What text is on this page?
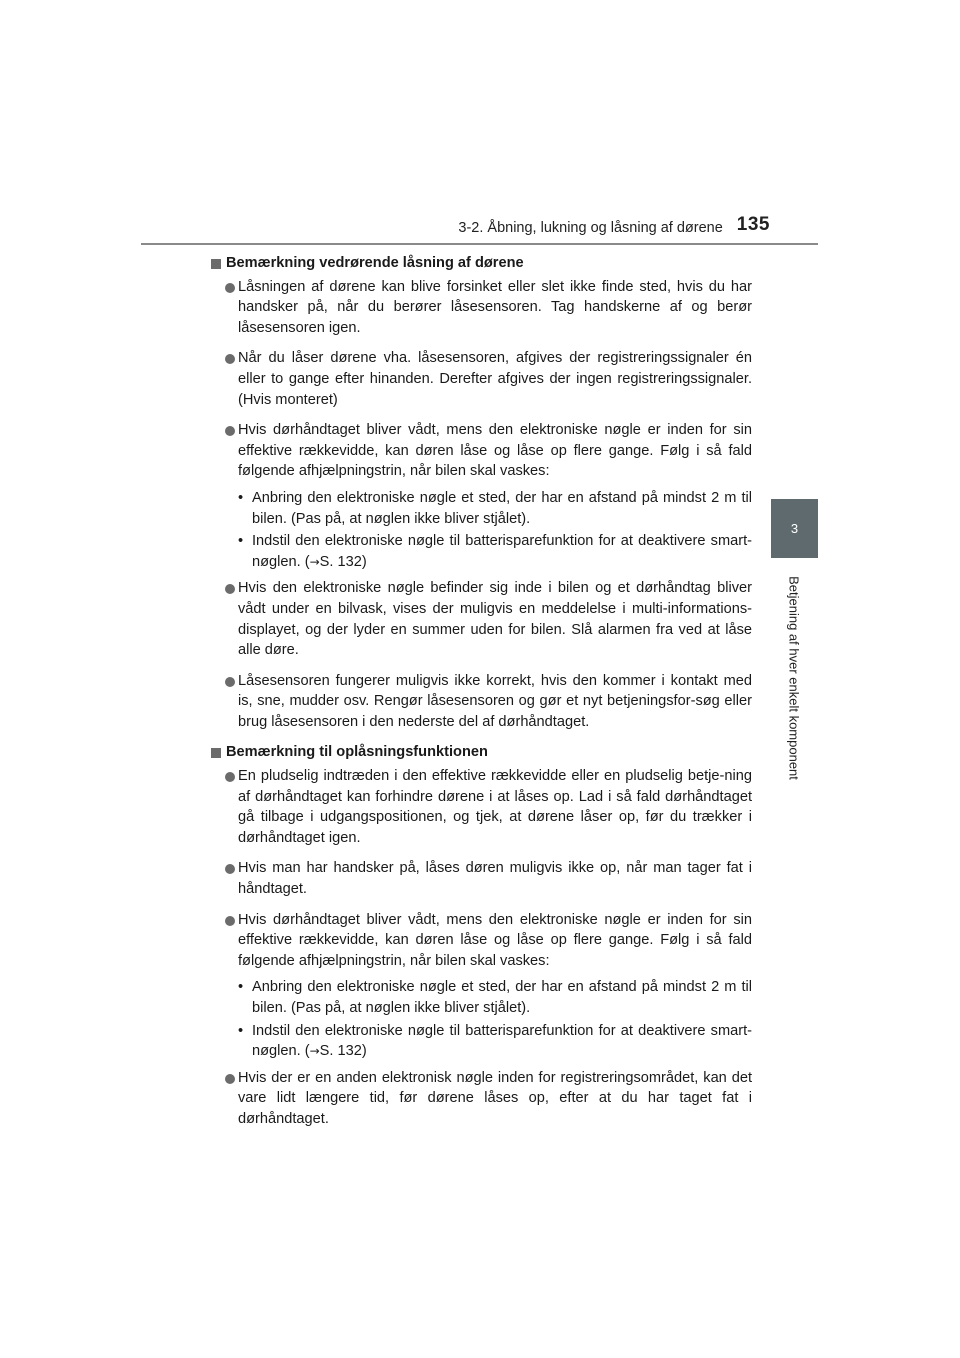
3-2. Åbning, lukning og låsning af dørene 135
3
Betjening af hver enkelt komponent
Bemærkning vedrørende låsning af dørene
Låsningen af dørene kan blive forsinket eller slet ikke finde sted, hvis du har handsker på, når du berører låsesensoren. Tag handskerne af og berør låsesensoren igen.
Når du låser dørene vha. låsesensoren, afgives der registreringssignaler én eller to gange efter hinanden. Derefter afgives der ingen registreringssignaler. (Hvis monteret)
Hvis dørhåndtaget bliver vådt, mens den elektroniske nøgle er inden for sin effektive rækkevidde, kan døren låse og låse op flere gange. Følg i så fald følgende afhjælpningstrin, når bilen skal vaskes:
• Anbring den elektroniske nøgle et sted, der har en afstand på mindst 2 m til bilen. (Pas på, at nøglen ikke bliver stjålet).
• Indstil den elektroniske nøgle til batterisparefunktion for at deaktivere smart-nøglen. (→S. 132)
Hvis den elektroniske nøgle befinder sig inde i bilen og et dørhåndtag bliver vådt under en bilvask, vises der muligvis en meddelelse i multi-informations-displayet, og der lyder en summer uden for bilen. Slå alarmen fra ved at låse alle døre.
Låsesensoren fungerer muligvis ikke korrekt, hvis den kommer i kontakt med is, sne, mudder osv. Rengør låsesensoren og gør et nyt betjeningsfor-søg eller brug låsesensoren i den nederste del af dørhåndtaget.
Bemærkning til oplåsningsfunktionen
En pludselig indtræden i den effektive rækkevidde eller en pludselig betje-ning af dørhåndtaget kan forhindre dørene i at låses op. Lad i så fald dørhåndtaget gå tilbage i udgangspositionen, og tjek, at dørene låser op, før du trækker i dørhåndtaget igen.
Hvis man har handsker på, låses døren muligvis ikke op, når man tager fat i håndtaget.
Hvis dørhåndtaget bliver vådt, mens den elektroniske nøgle er inden for sin effektive rækkevidde, kan døren låse og låse op flere gange. Følg i så fald følgende afhjælpningstrin, når bilen skal vaskes:
• Anbring den elektroniske nøgle et sted, der har en afstand på mindst 2 m til bilen. (Pas på, at nøglen ikke bliver stjålet).
• Indstil den elektroniske nøgle til batterisparefunktion for at deaktivere smart-nøglen. (→S. 132)
Hvis der er en anden elektronisk nøgle inden for registreringsområdet, kan det vare lidt længere tid, før dørene låses op, efter at du har taget fat i dørhåndtaget.
